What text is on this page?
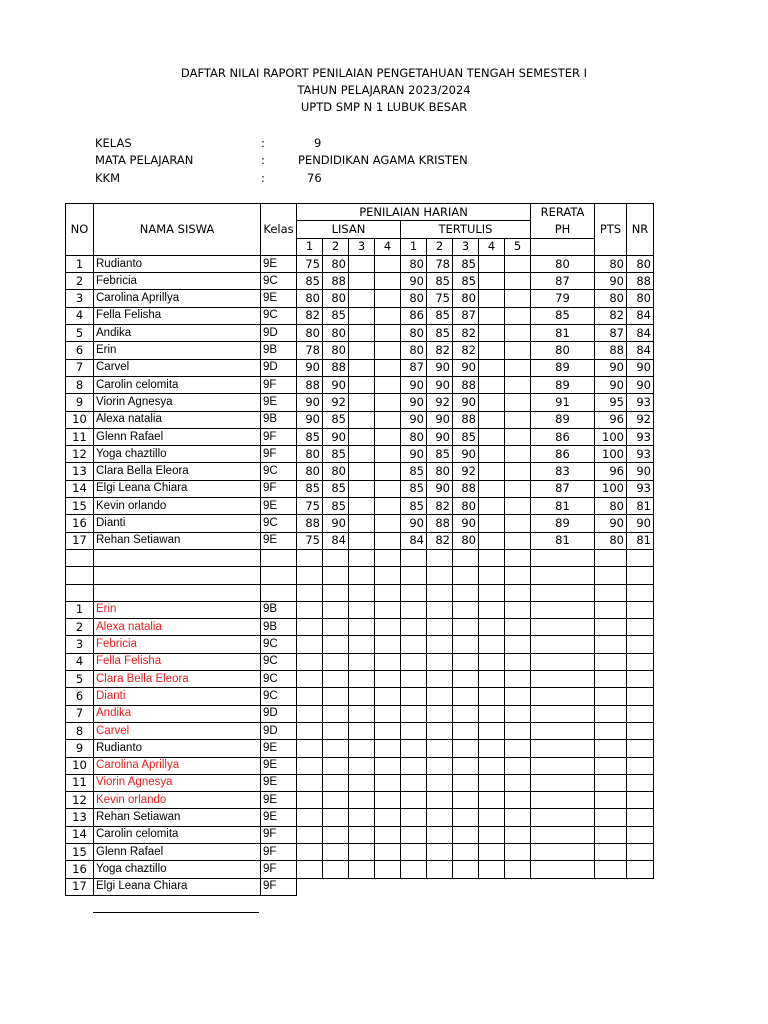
DAFTAR NILAI RAPORT PENILAIAN PENGETAHUAN TENGAH SEMESTER I
TAHUN PELAJARAN 2023/2024
UPTD SMP N 1 LUBUK BESAR
KELAS	:	9
MATA PELAJARAN	:	PENDIDIKAN AGAMA KRISTEN
KKM	:	76
NO	NAMA SISWA	Kelas	PENILAIAN HARIAN									RERATA	PTS	NR
			LISAN				TERTULIS					PH		
			1	2	3	4	1	2	3	4	5			
1	Rudianto	9E	75	80			80	78	85			80	80	80
2	Febricia	9C	85	88			90	85	85			87	90	88
3	Carolina Aprillya	9E	80	80			80	75	80			79	80	80
4	Fella Felisha	9C	82	85			86	85	87			85	82	84
5	Andika	9D	80	80			80	85	82			81	87	84
6	Erin	9B	78	80			80	82	82			80	88	84
7	Carvel	9D	90	88			87	90	90			89	90	90
8	Carolin celomita	9F	88	90			90	90	88			89	90	90
9	Viorin Agnesya	9E	90	92			90	92	90			91	95	93
10	Alexa natalia	9B	90	85			90	90	88			89	96	92
11	Glenn Rafael	9F	85	90			80	90	85			86	100	93
12	Yoga chaztillo	9F	80	85			90	85	90			86	100	93
13	Clara Bella Eleora	9C	80	80			85	80	92			83	96	90
14	Elgi Leana Chiara	9F	85	85			85	90	88			87	100	93
15	Kevin orlando	9E	75	85			85	82	80			81	80	81
16	Dianti	9C	88	90			90	88	90			89	90	90
17	Rehan Setiawan	9E	75	84			84	82	80			81	80	81

1	Erin	9B												
2	Alexa natalia	9B												
3	Febricia	9C												
4	Fella Felisha	9C												
5	Clara Bella Eleora	9C												
6	Dianti	9C												
7	Andika	9D												
8	Carvel	9D												
9	Rudianto	9E												
10	Carolina Aprillya	9E												
11	Viorin Agnesya	9E												
12	Kevin orlando	9E												
13	Rehan Setiawan	9E												
14	Carolin celomita	9F												
15	Glenn Rafael	9F												
16	Yoga chaztillo	9F												
17	Elgi Leana Chiara	9F												
